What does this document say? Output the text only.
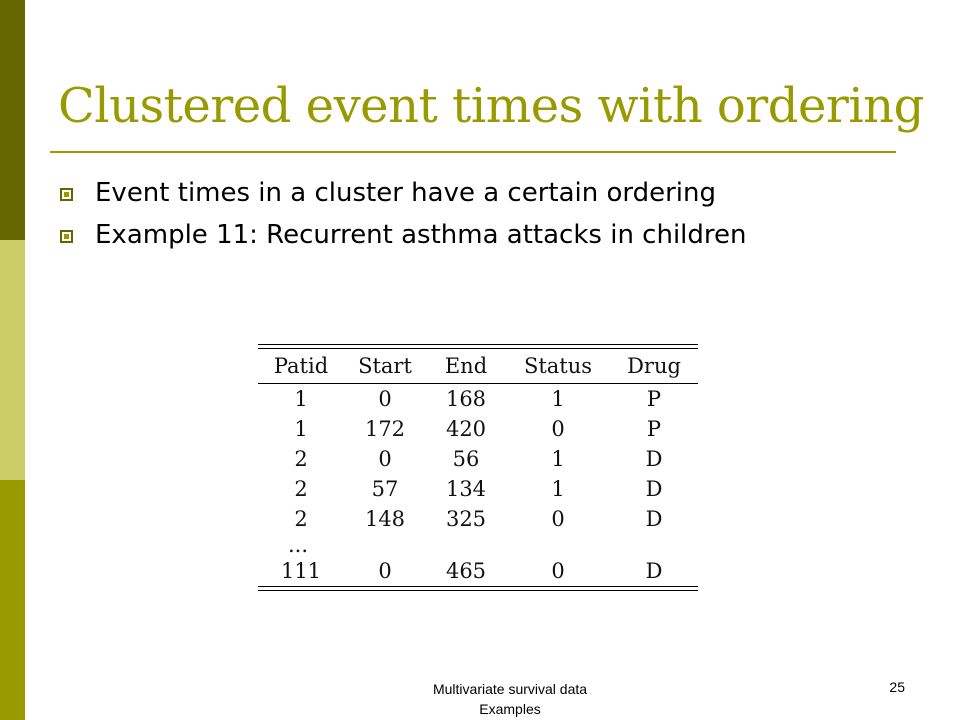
Clustered event times with ordering
Event times in a cluster have a certain ordering
Example 11: Recurrent asthma attacks in children
Patid	Start	End	Status	Drug
1	0	168	1	P
1	172	420	0	P
2	0	56	1	D
2	57	134	1	D
2	148	325	0	D
...				
111	0	465	0	D
Multivariate survival data
Examples
25
